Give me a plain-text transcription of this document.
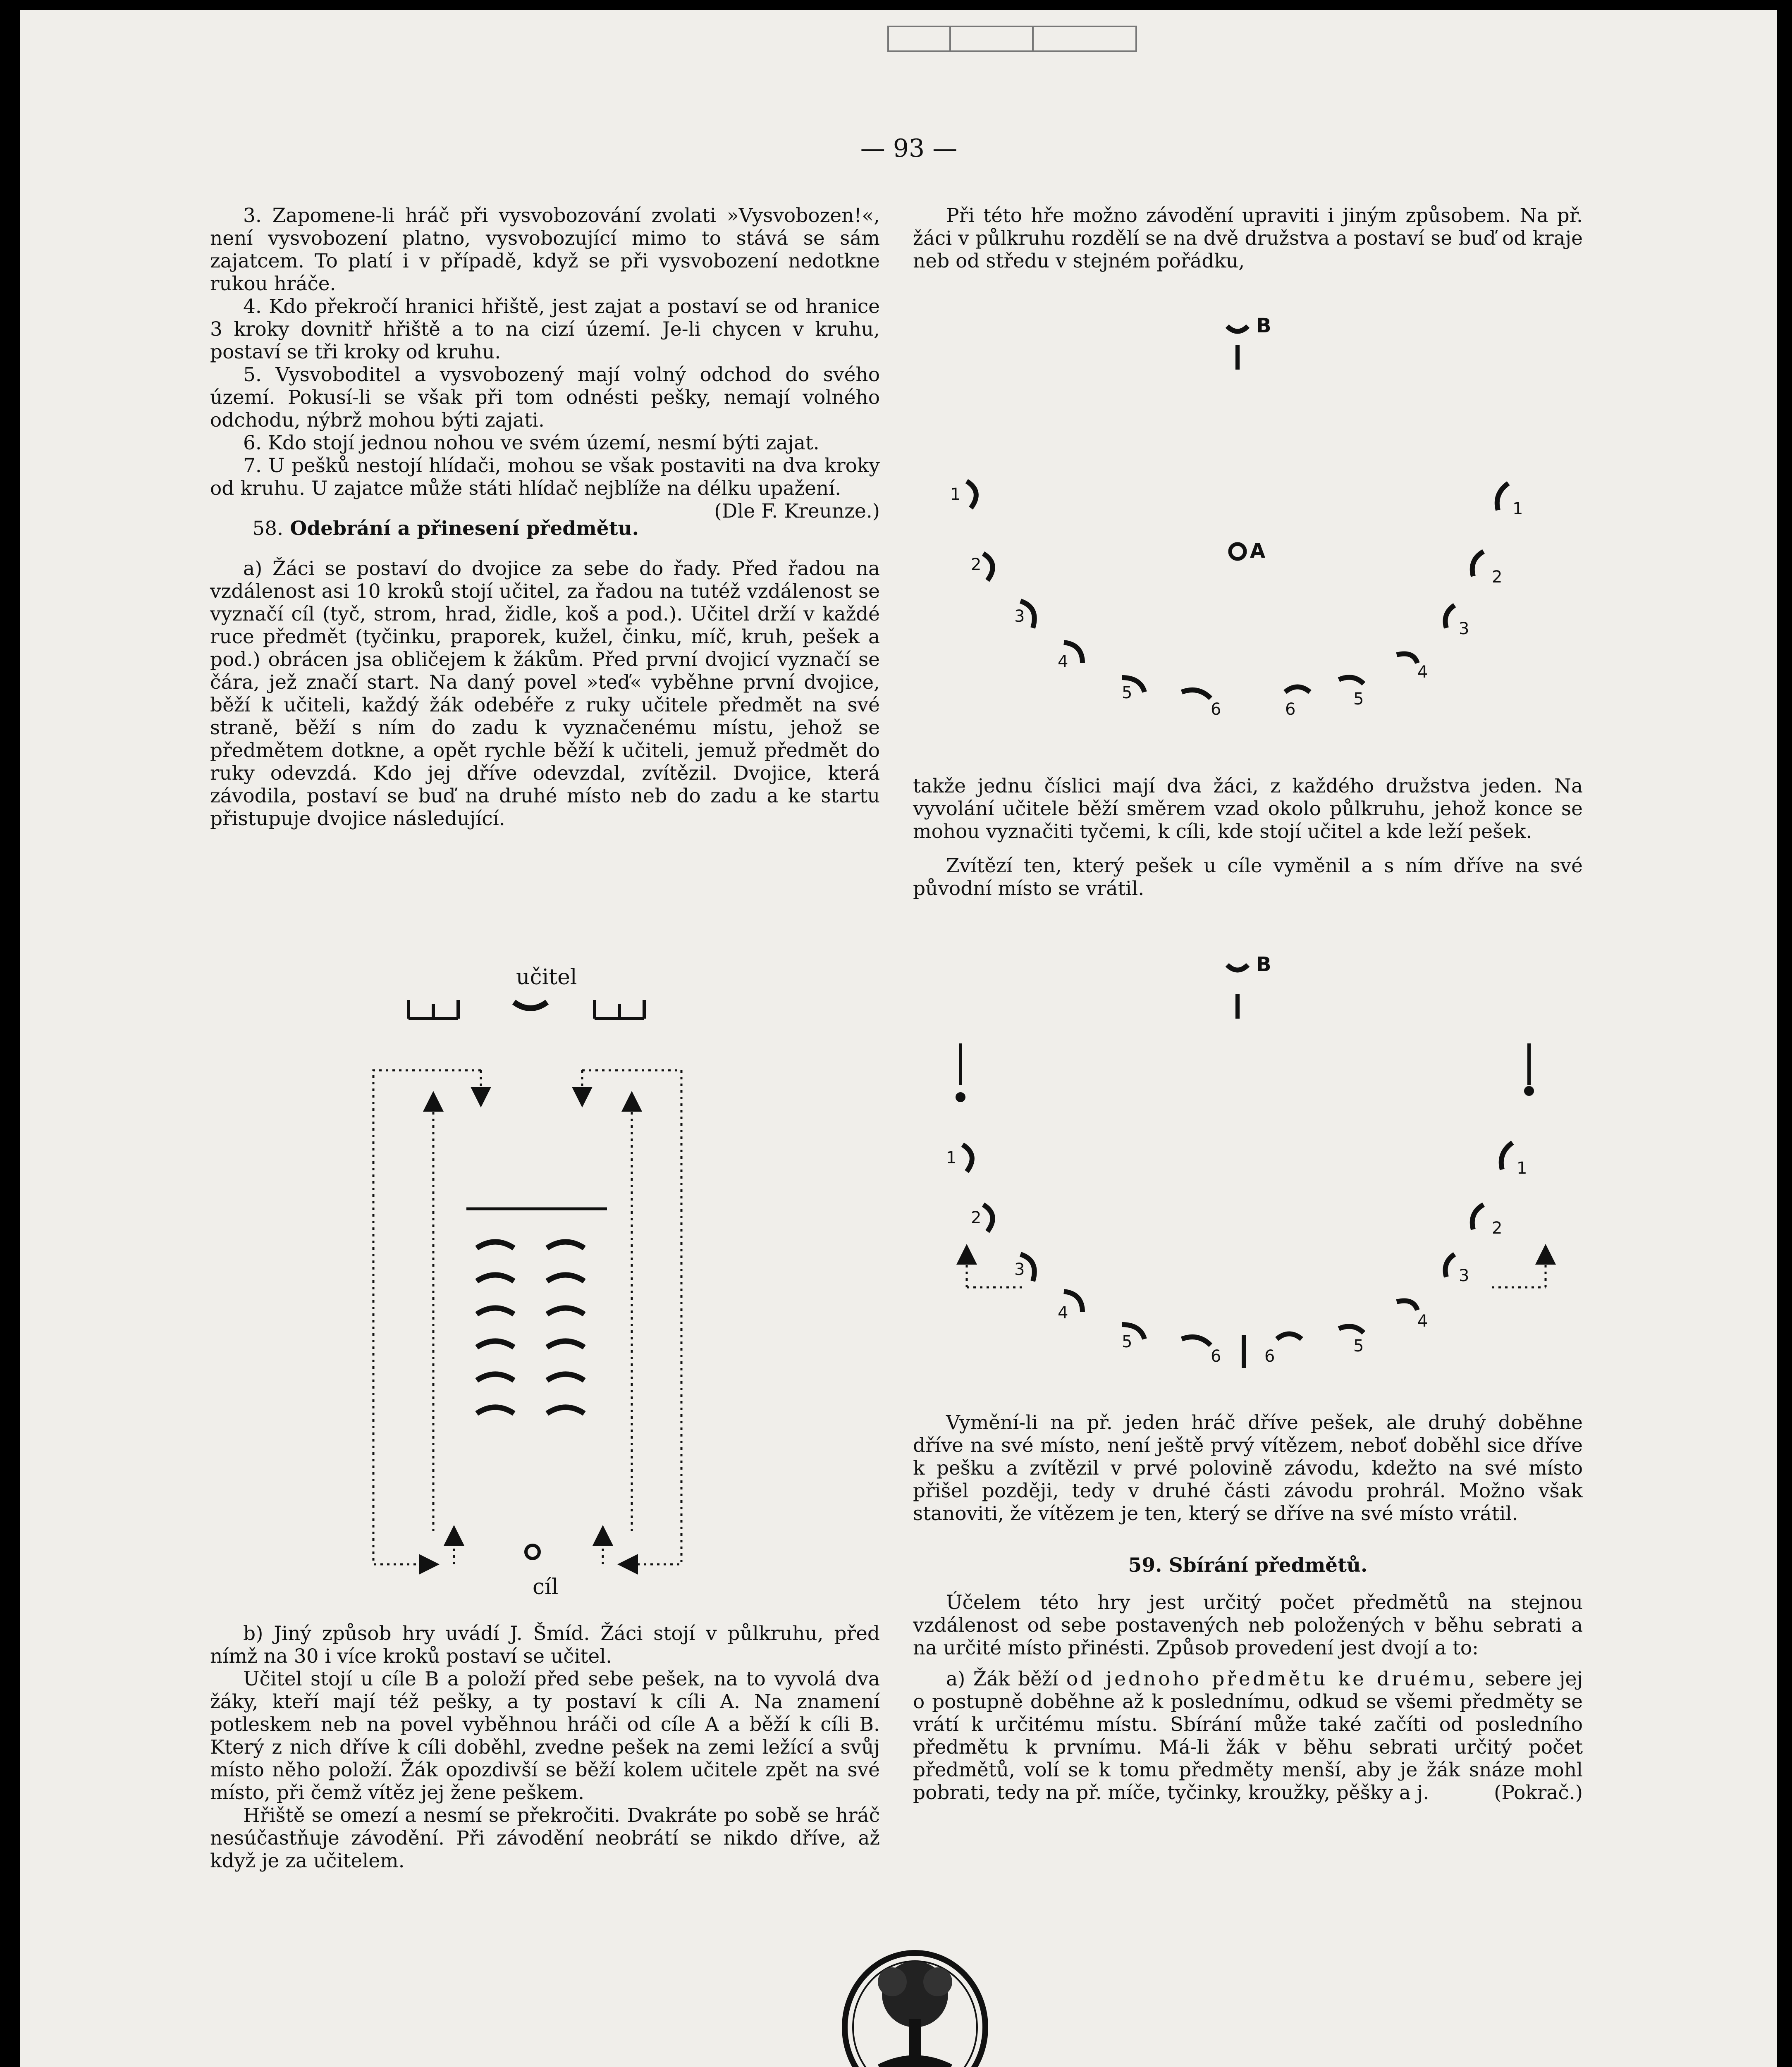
— 93 —

3. Zapomene-li hráč při vysvobozování zvolati »Vysvobozen!«, není vysvobození platno, vysvobozující mimo to stává se sám zajatcem. To platí i v případě, když se při vysvobození nedotkne rukou hráče.

4. Kdo překročí hranici hřiště, jest zajat a postaví se od hranice 3 kroky dovnitř hřiště a to na cizí území. Je-li chycen v kruhu, postaví se tři kroky od kruhu.

5. Vysvoboditel a vysvobozený mají volný odchod do svého území. Pokusí-li se však při tom odnésti pešky, nemají volného odchodu, nýbrž mohou býti zajati.

6. Kdo stojí jednou nohou ve svém území, nesmí býti zajat.

7. U pešků nestojí hlídači, mohou se však postaviti na dva kroky od kruhu. U zajatce může státi hlídač nejblíže na délku upažení.
(Dle F. Kreunze.)

58. Odebrání a přinesení předmětu.

a) Žáci se postaví do dvojice za sebe do řady. Před řadou na vzdálenost asi 10 kroků stojí učitel, za řadou na tutéž vzdálenost se vyznačí cíl (tyč, strom, hrad, židle, koš a pod.). Učitel drží v každé ruce předmět (tyčinku, praporek, kužel, činku, míč, kruh, pešek a pod.) obrácen jsa obličejem k žákům. Před první dvojicí vyznačí se čára, jež značí start. Na daný povel »teď« vyběhne první dvojice, běží k učiteli, každý žák odebéře z ruky učitele předmět na své straně, běží s ním do zadu k vyznačenému místu, jehož se předmětem dotkne, a opět rychle běží k učiteli, jemuž předmět do ruky odevzdá. Kdo jej dříve odevzdal, zvítězil. Dvojice, která závodila, postaví se buď na druhé místo neb do zadu a ke startu přistupuje dvojice následující.

b) Jiný způsob hry uvádí J. Šmíd. Žáci stojí v půlkruhu, před nímž na 30 i více kroků postaví se učitel.

Učitel stojí u cíle B a položí před sebe pešek, na to vyvolá dva žáky, kteří mají též pešky, a ty postaví k cíli A. Na znamení potleskem neb na povel vyběhnou hráči od cíle A a běží k cíli B. Který z nich dříve k cíli doběhl, zvedne pešek na zemi ležící a svůj místo něho položí. Žák opozdivší se běží kolem učitele zpět na své místo, při čemž vítěz jej žene peškem.

Hřiště se omezí a nesmí se překročiti. Dvakráte po sobě se hráč nesúčastňuje závodění. Při závodění neobrátí se nikdo dříve, až když je za učitelem.

Při této hře možno závodění upraviti i jiným způsobem. Na př. žáci v půlkruhu rozdělí se na dvě družstva a postaví se buď od kraje neb od středu v stejném pořádku,

takže jednu číslici mají dva žáci, z každého družstva jeden. Na vyvolání učitele běží směrem vzad okolo půlkruhu, jehož konce se mohou vyznačiti tyčemi, k cíli, kde stojí učitel a kde leží pešek.

Zvítězí ten, který pešek u cíle vyměnil a s ním dříve na své původní místo se vrátil.

Vymění-li na př. jeden hráč dříve pešek, ale druhý doběhne dříve na své místo, není ještě prvý vítězem, neboť doběhl sice dříve k pešku a zvítězil v prvé polovině závodu, kdežto na své místo přišel později, tedy v druhé části závodu prohrál. Možno však stanoviti, že vítězem je ten, který se dříve na své místo vrátil.

59. Sbírání předmětů.

Účelem této hry jest určitý počet předmětů na stejnou vzdálenost od sebe postavených neb položených v běhu sebrati a na určité místo přinésti. Způsob provedení jest dvojí a to:

a) Žák běží od jednoho předmětu ke druému, sebere jej o postupně doběhne až k poslednímu, odkud se všemi předměty se vrátí k určitému místu. Sbírání může také začíti od posledního předmětu k prvnímu. Má-li žák v běhu sebrati určitý počet předmětů, volí se k tomu předměty menší, aby je žák snáze mohl pobrati, tedy na př. míče, tyčinky, kroužky, pěšky a j.	(Pokrač.)

učitel
cíl
B
A
B
1
2
3
4
5
6	6
5
4
3
2
1
1
2
3
4
5
6	6
5
4
3
2
1
